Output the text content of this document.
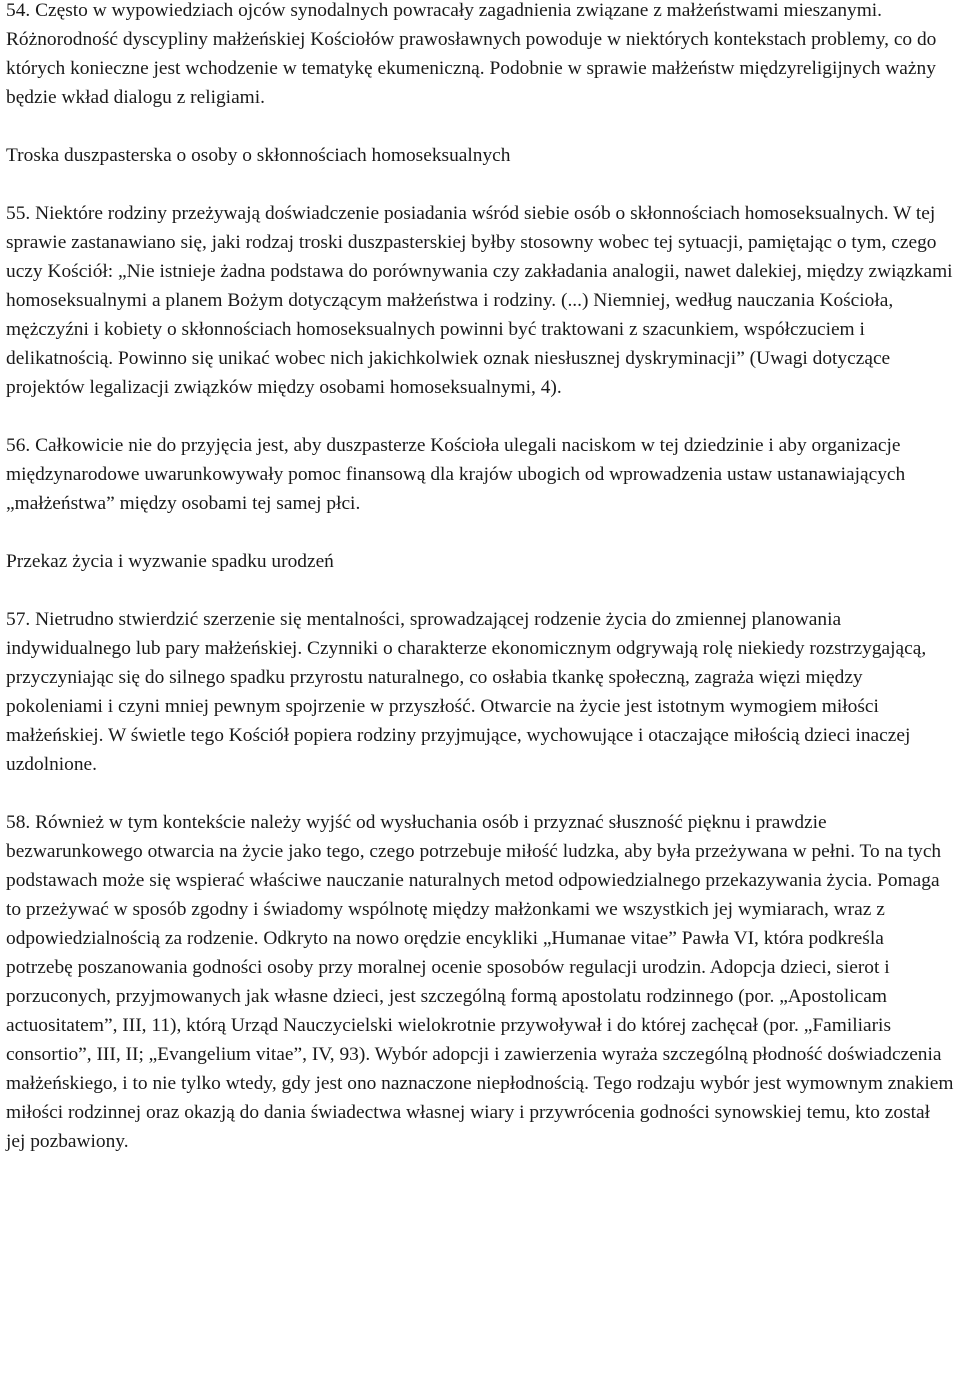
54. Często w wypowiedziach ojców synodalnych powracały zagadnienia związane z małżeństwami mieszanymi. Różnorodność dyscypliny małżeńskiej Kościołów prawosławnych powoduje w niektórych kontekstach problemy, co do których konieczne jest wchodzenie w tematykę ekumeniczną. Podobnie w sprawie małżeństw międzyreligijnych ważny będzie wkład dialogu z religiami.

Troska duszpasterska o osoby o skłonnościach homoseksualnych

55. Niektóre rodziny przeżywają doświadczenie posiadania wśród siebie osób o skłonnościach homoseksualnych. W tej sprawie zastanawiano się, jaki rodzaj troski duszpasterskiej byłby stosowny wobec tej sytuacji, pamiętając o tym, czego uczy Kościół: „Nie istnieje żadna podstawa do porównywania czy zakładania analogii, nawet dalekiej, między związkami homoseksualnymi a planem Bożym dotyczącym małżeństwa i rodziny. (...) Niemniej, według nauczania Kościoła, mężczyźni i kobiety o skłonnościach homoseksualnych powinni być traktowani z szacunkiem, współczuciem i delikatnością. Powinno się unikać wobec nich jakichkolwiek oznak niesłusznej dyskryminacji” (Uwagi dotyczące projektów legalizacji związków między osobami homoseksualnymi, 4).

56. Całkowicie nie do przyjęcia jest, aby duszpasterze Kościoła ulegali naciskom w tej dziedzinie i aby organizacje międzynarodowe uwarunkowywały pomoc finansową dla krajów ubogich od wprowadzenia ustaw ustanawiających „małżeństwa” między osobami tej samej płci.

Przekaz życia i wyzwanie spadku urodzeń

57. Nietrudno stwierdzić szerzenie się mentalności, sprowadzającej rodzenie życia do zmiennej planowania indywidualnego lub pary małżeńskiej. Czynniki o charakterze ekonomicznym odgrywają rolę niekiedy rozstrzygającą, przyczyniając się do silnego spadku przyrostu naturalnego, co osłabia tkankę społeczną, zagraża więzi między pokoleniami i czyni mniej pewnym spojrzenie w przyszłość. Otwarcie na życie jest istotnym wymogiem miłości małżeńskiej. W świetle tego Kościół popiera rodziny przyjmujące, wychowujące i otaczające miłością dzieci inaczej uzdolnione.

58. Również w tym kontekście należy wyjść od wysłuchania osób i przyznać słuszność pięknu i prawdzie bezwarunkowego otwarcia na życie jako tego, czego potrzebuje miłość ludzka, aby była przeżywana w pełni. To na tych podstawach może się wspierać właściwe nauczanie naturalnych metod odpowiedzialnego przekazywania życia. Pomaga to przeżywać w sposób zgodny i świadomy wspólnotę między małżonkami we wszystkich jej wymiarach, wraz z odpowiedzialnością za rodzenie. Odkryto na nowo orędzie encykliki „Humanae vitae” Pawła VI, która podkreśla potrzebę poszanowania godności osoby przy moralnej ocenie sposobów regulacji urodzin. Adopcja dzieci, sierot i porzuconych, przyjmowanych jak własne dzieci, jest szczególną formą apostolatu rodzinnego (por. „Apostolicam actuositatem”, III, 11), którą Urząd Nauczycielski wielokrotnie przywoływał i do której zachęcał (por. „Familiaris consortio”, III, II; „Evangelium vitae”, IV, 93). Wybór adopcji i zawierzenia wyraża szczególną płodność doświadczenia małżeńskiego, i to nie tylko wtedy, gdy jest ono naznaczone niepłodnością. Tego rodzaju wybór jest wymownym znakiem miłości rodzinnej oraz okazją do dania świadectwa własnej wiary i przywrócenia godności synowskiej temu, kto został jej pozbawiony.
